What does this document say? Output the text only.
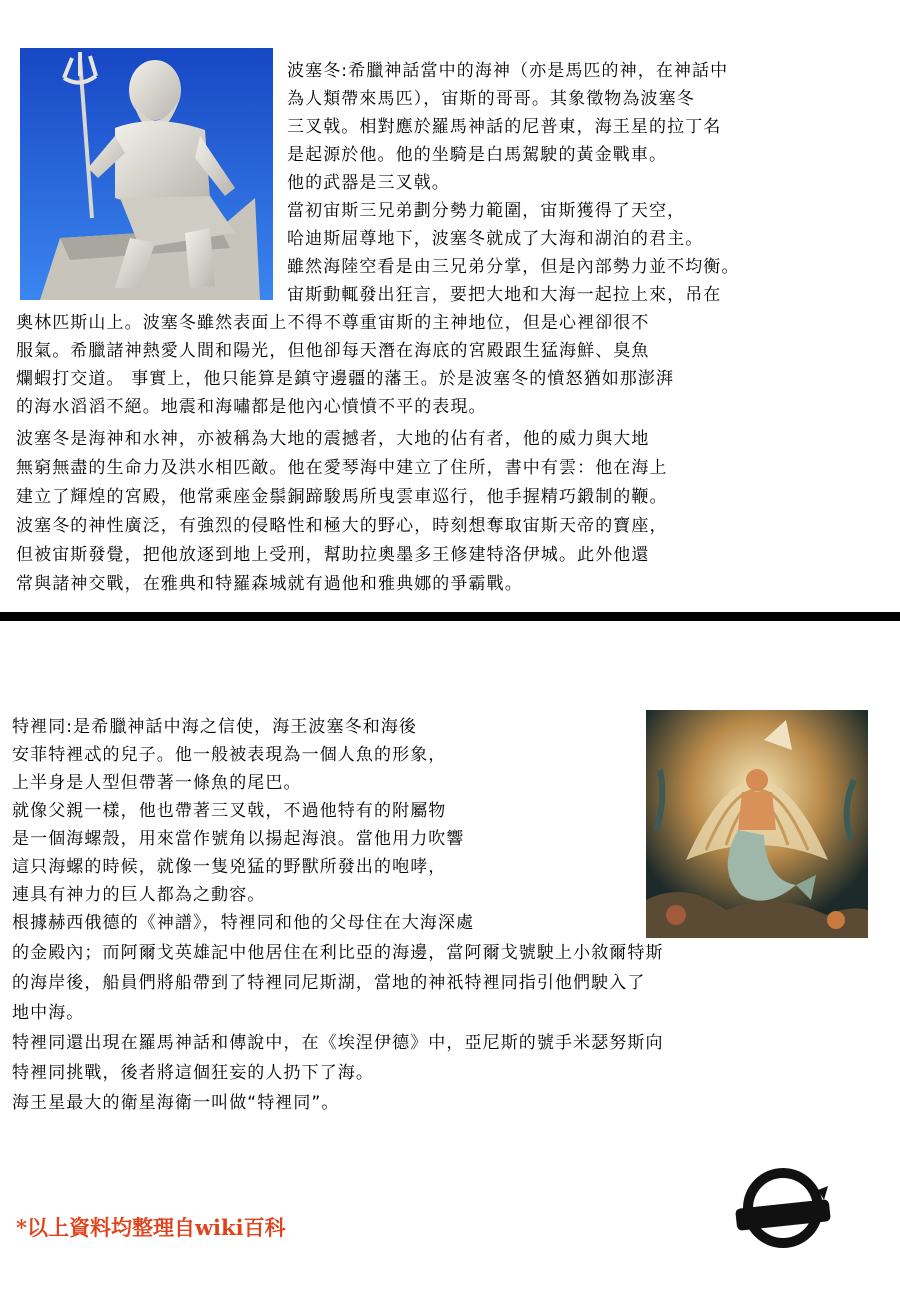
波塞冬:希臘神話當中的海神（亦是馬匹的神，在神話中
為人類帶來馬匹），宙斯的哥哥。其象徵物為波塞冬
三叉戟。相對應於羅馬神話的尼普東，海王星的拉丁名
是起源於他。他的坐騎是白馬駕駛的黃金戰車。
他的武器是三叉戟。
當初宙斯三兄弟劃分勢力範圍，宙斯獲得了天空，
哈迪斯屈尊地下，波塞冬就成了大海和湖泊的君主。
雖然海陸空看是由三兄弟分掌，但是內部勢力並不均衡。
宙斯動輒發出狂言，要把大地和大海一起拉上來，吊在
奧林匹斯山上。波塞冬雖然表面上不得不尊重宙斯的主神地位，但是心裡卻很不
服氣。希臘諸神熱愛人間和陽光，但他卻每天潛在海底的宮殿跟生猛海鮮、臭魚
爛蝦打交道。 事實上，他只能算是鎮守邊疆的藩王。於是波塞冬的憤怒猶如那澎湃
的海水滔滔不絕。地震和海嘯都是他內心憤憤不平的表現。
波塞冬是海神和水神，亦被稱為大地的震撼者，大地的佔有者，他的威力與大地
無窮無盡的生命力及洪水相匹敵。他在愛琴海中建立了住所，書中有雲：他在海上
建立了輝煌的宮殿，他常乘座金鬃銅蹄駿馬所曳雲車巡行，他手握精巧鍛制的鞭。
波塞冬的神性廣泛，有強烈的侵略性和極大的野心，時刻想奪取宙斯天帝的寶座，
但被宙斯發覺，把他放逐到地上受刑，幫助拉奧墨多王修建特洛伊城。此外他還
常與諸神交戰，在雅典和特羅森城就有過他和雅典娜的爭霸戰。
特裡同:是希臘神話中海之信使，海王波塞冬和海後
安菲特裡忒的兒子。他一般被表現為一個人魚的形象，
上半身是人型但帶著一條魚的尾巴。
就像父親一樣，他也帶著三叉戟，不過他特有的附屬物
是一個海螺殼，用來當作號角以揚起海浪。當他用力吹響
這只海螺的時候，就像一隻兇猛的野獸所發出的咆哮，
連具有神力的巨人都為之動容。
根據赫西俄德的《神譜》，特裡同和他的父母住在大海深處
的金殿內；而阿爾戈英雄記中他居住在利比亞的海邊，當阿爾戈號駛上小敘爾特斯
的海岸後，船員們將船帶到了特裡同尼斯湖，當地的神祇特裡同指引他們駛入了
地中海。
特裡同還出現在羅馬神話和傳說中，在《埃涅伊德》中，亞尼斯的號手米瑟努斯向
特裡同挑戰，後者將這個狂妄的人扔下了海。
海王星最大的衛星海衛一叫做“特裡同”。
*以上資料均整理自wiki百科
